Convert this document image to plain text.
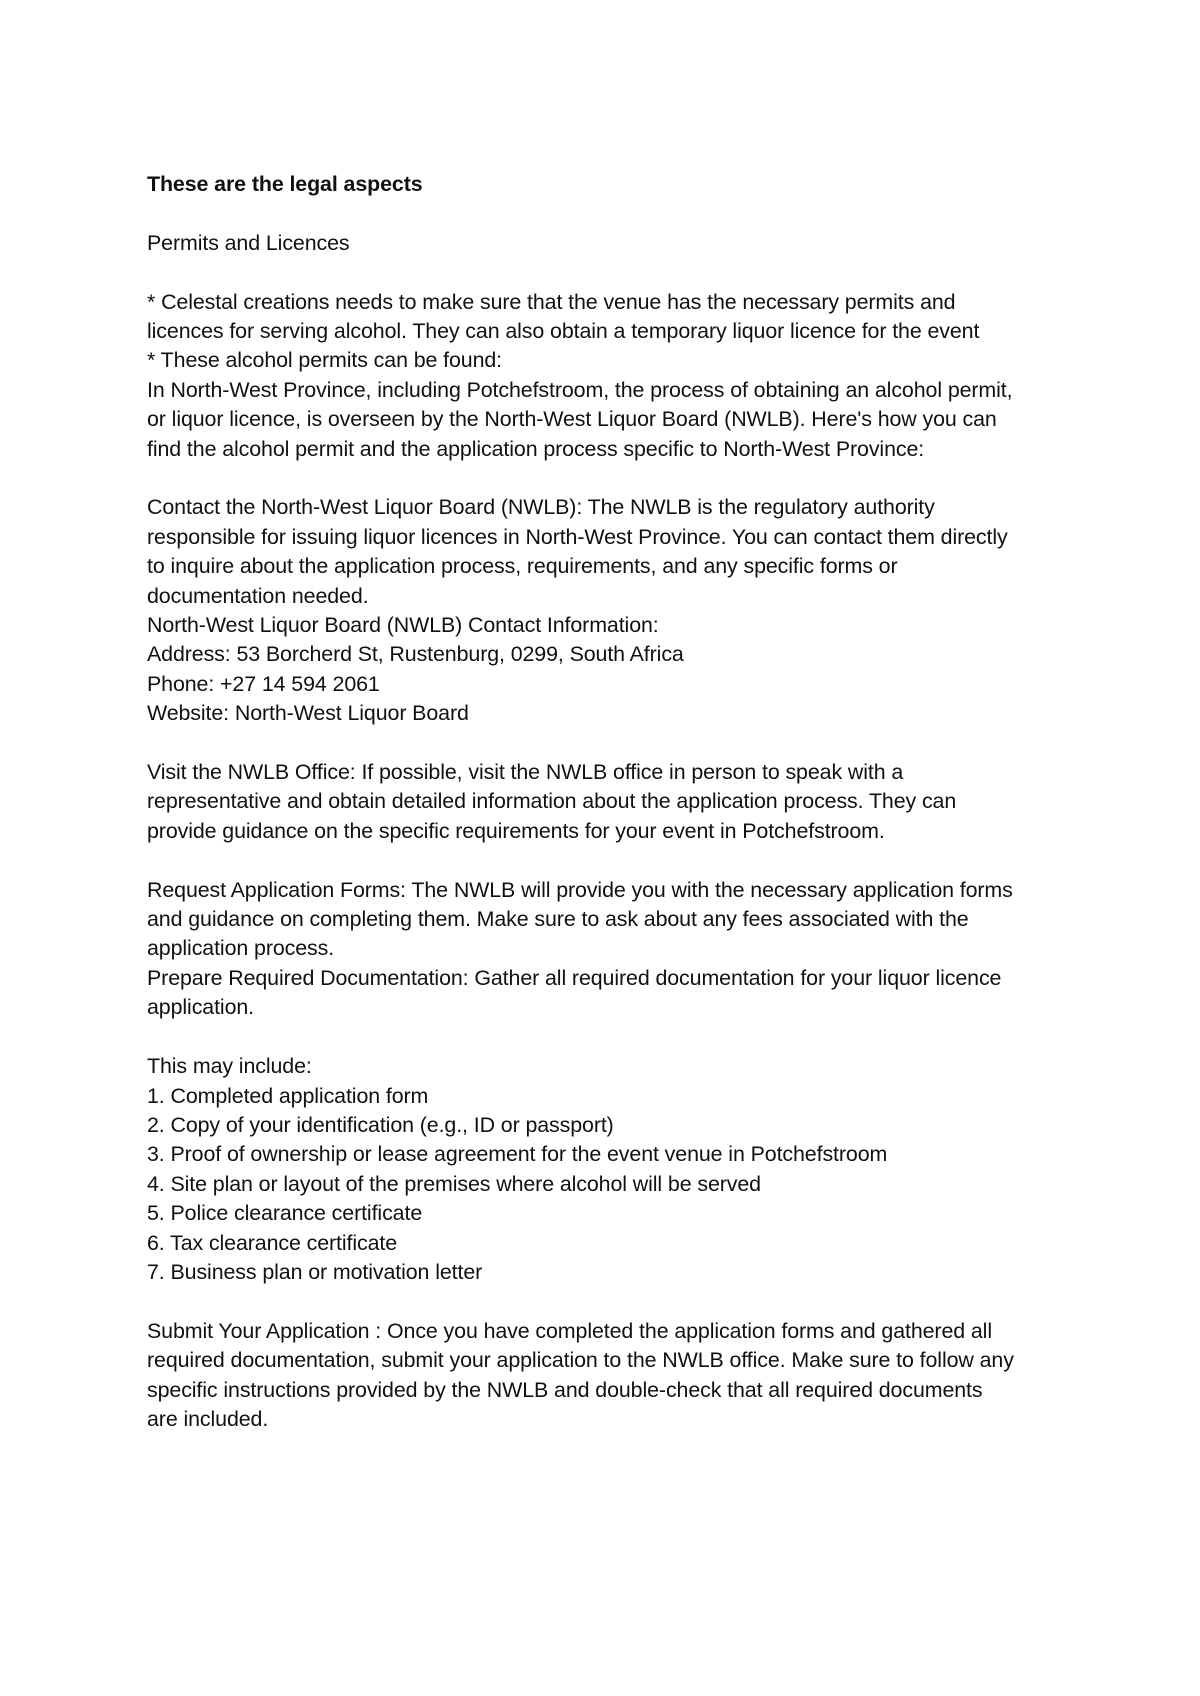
These are the legal aspects
Permits and Licences
* Celestal creations needs to make sure that the venue has the necessary permits and
licences for serving alcohol. They can also obtain a temporary liquor licence for the event
* These alcohol permits can be found:
In North-West Province, including Potchefstroom, the process of obtaining an alcohol permit,
or liquor licence, is overseen by the North-West Liquor Board (NWLB). Here's how you can
find the alcohol permit and the application process specific to North-West Province:
Contact the North-West Liquor Board (NWLB): The NWLB is the regulatory authority
responsible for issuing liquor licences in North-West Province. You can contact them directly
to inquire about the application process, requirements, and any specific forms or
documentation needed.
North-West Liquor Board (NWLB) Contact Information:
Address: 53 Borcherd St, Rustenburg, 0299, South Africa
Phone: +27 14 594 2061
Website: North-West Liquor Board
Visit the NWLB Office: If possible, visit the NWLB office in person to speak with a
representative and obtain detailed information about the application process. They can
provide guidance on the specific requirements for your event in Potchefstroom.
Request Application Forms: The NWLB will provide you with the necessary application forms
and guidance on completing them. Make sure to ask about any fees associated with the
application process.
Prepare Required Documentation: Gather all required documentation for your liquor licence
application.
This may include:
1. Completed application form
2. Copy of your identification (e.g., ID or passport)
3. Proof of ownership or lease agreement for the event venue in Potchefstroom
4. Site plan or layout of the premises where alcohol will be served
5. Police clearance certificate
6. Tax clearance certificate
7. Business plan or motivation letter
Submit Your Application : Once you have completed the application forms and gathered all
required documentation, submit your application to the NWLB office. Make sure to follow any
specific instructions provided by the NWLB and double-check that all required documents
are included.
